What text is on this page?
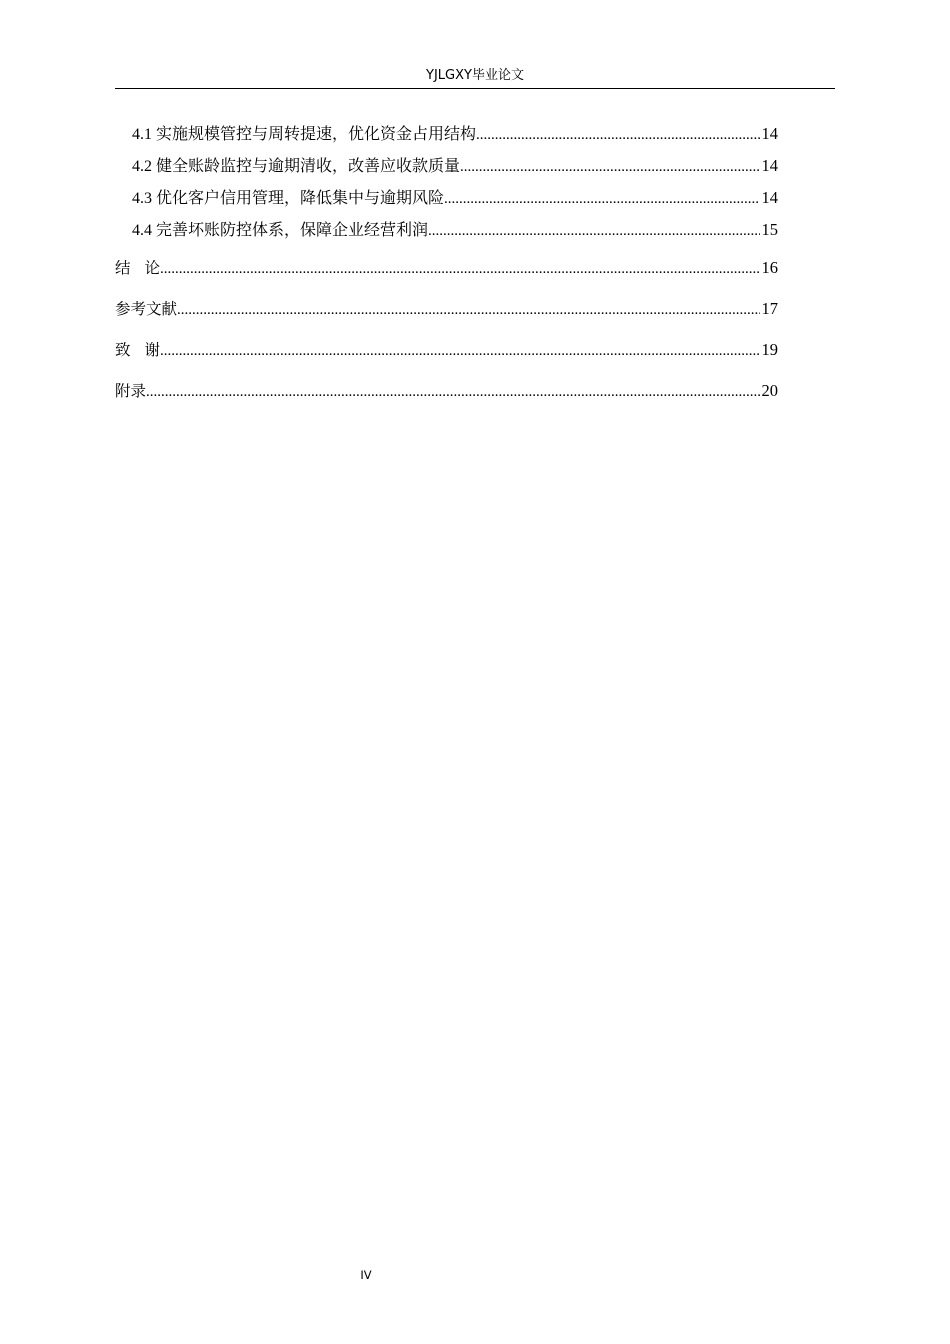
YJLGXY毕业论文
4.1 实施规模管控与周转提速，优化资金占用结构 .....	14
4.2 健全账龄监控与逾期清收，改善应收款质量 .....	14
4.3 优化客户信用管理，降低集中与逾期风险 .....	14
4.4 完善坏账防控体系，保障企业经营利润 .....	15
结论 .....	16
参考文献 .....	17
致谢 .....	19
附录 .....	20
IV
